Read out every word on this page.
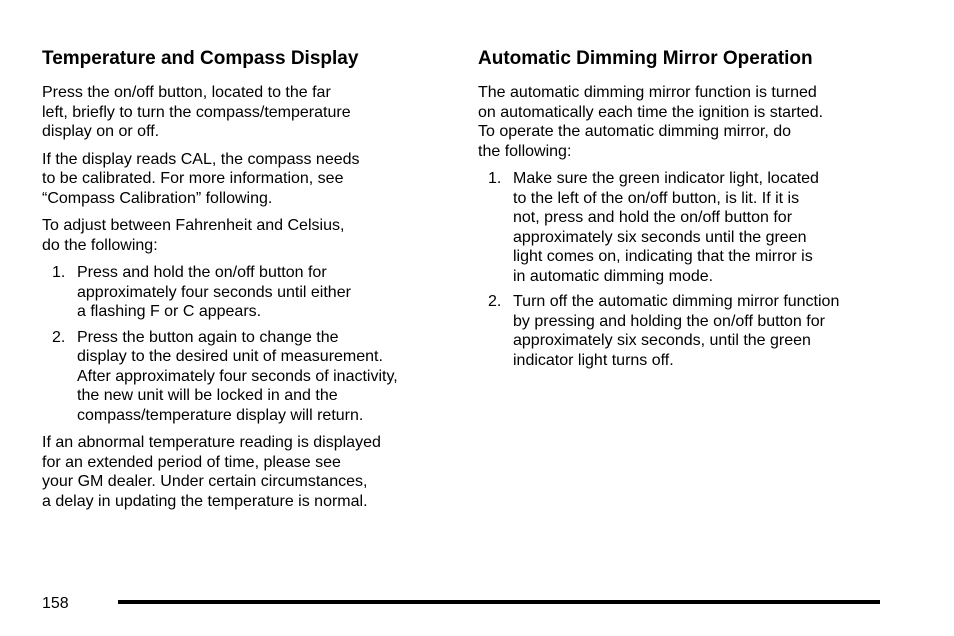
Temperature and Compass Display

Press the on/off button, located to the far
left, briefly to turn the compass/temperature
display on or off.

If the display reads CAL, the compass needs
to be calibrated. For more information, see
“Compass Calibration” following.

To adjust between Fahrenheit and Celsius,
do the following:

1. Press and hold the on/off button for
approximately four seconds until either
a flashing F or C appears.
2. Press the button again to change the
display to the desired unit of measurement.
After approximately four seconds of inactivity,
the new unit will be locked in and the
compass/temperature display will return.

If an abnormal temperature reading is displayed
for an extended period of time, please see
your GM dealer. Under certain circumstances,
a delay in updating the temperature is normal.

Automatic Dimming Mirror Operation

The automatic dimming mirror function is turned
on automatically each time the ignition is started.
To operate the automatic dimming mirror, do
the following:

1. Make sure the green indicator light, located
to the left of the on/off button, is lit. If it is
not, press and hold the on/off button for
approximately six seconds until the green
light comes on, indicating that the mirror is
in automatic dimming mode.
2. Turn off the automatic dimming mirror function
by pressing and holding the on/off button for
approximately six seconds, until the green
indicator light turns off.
158
